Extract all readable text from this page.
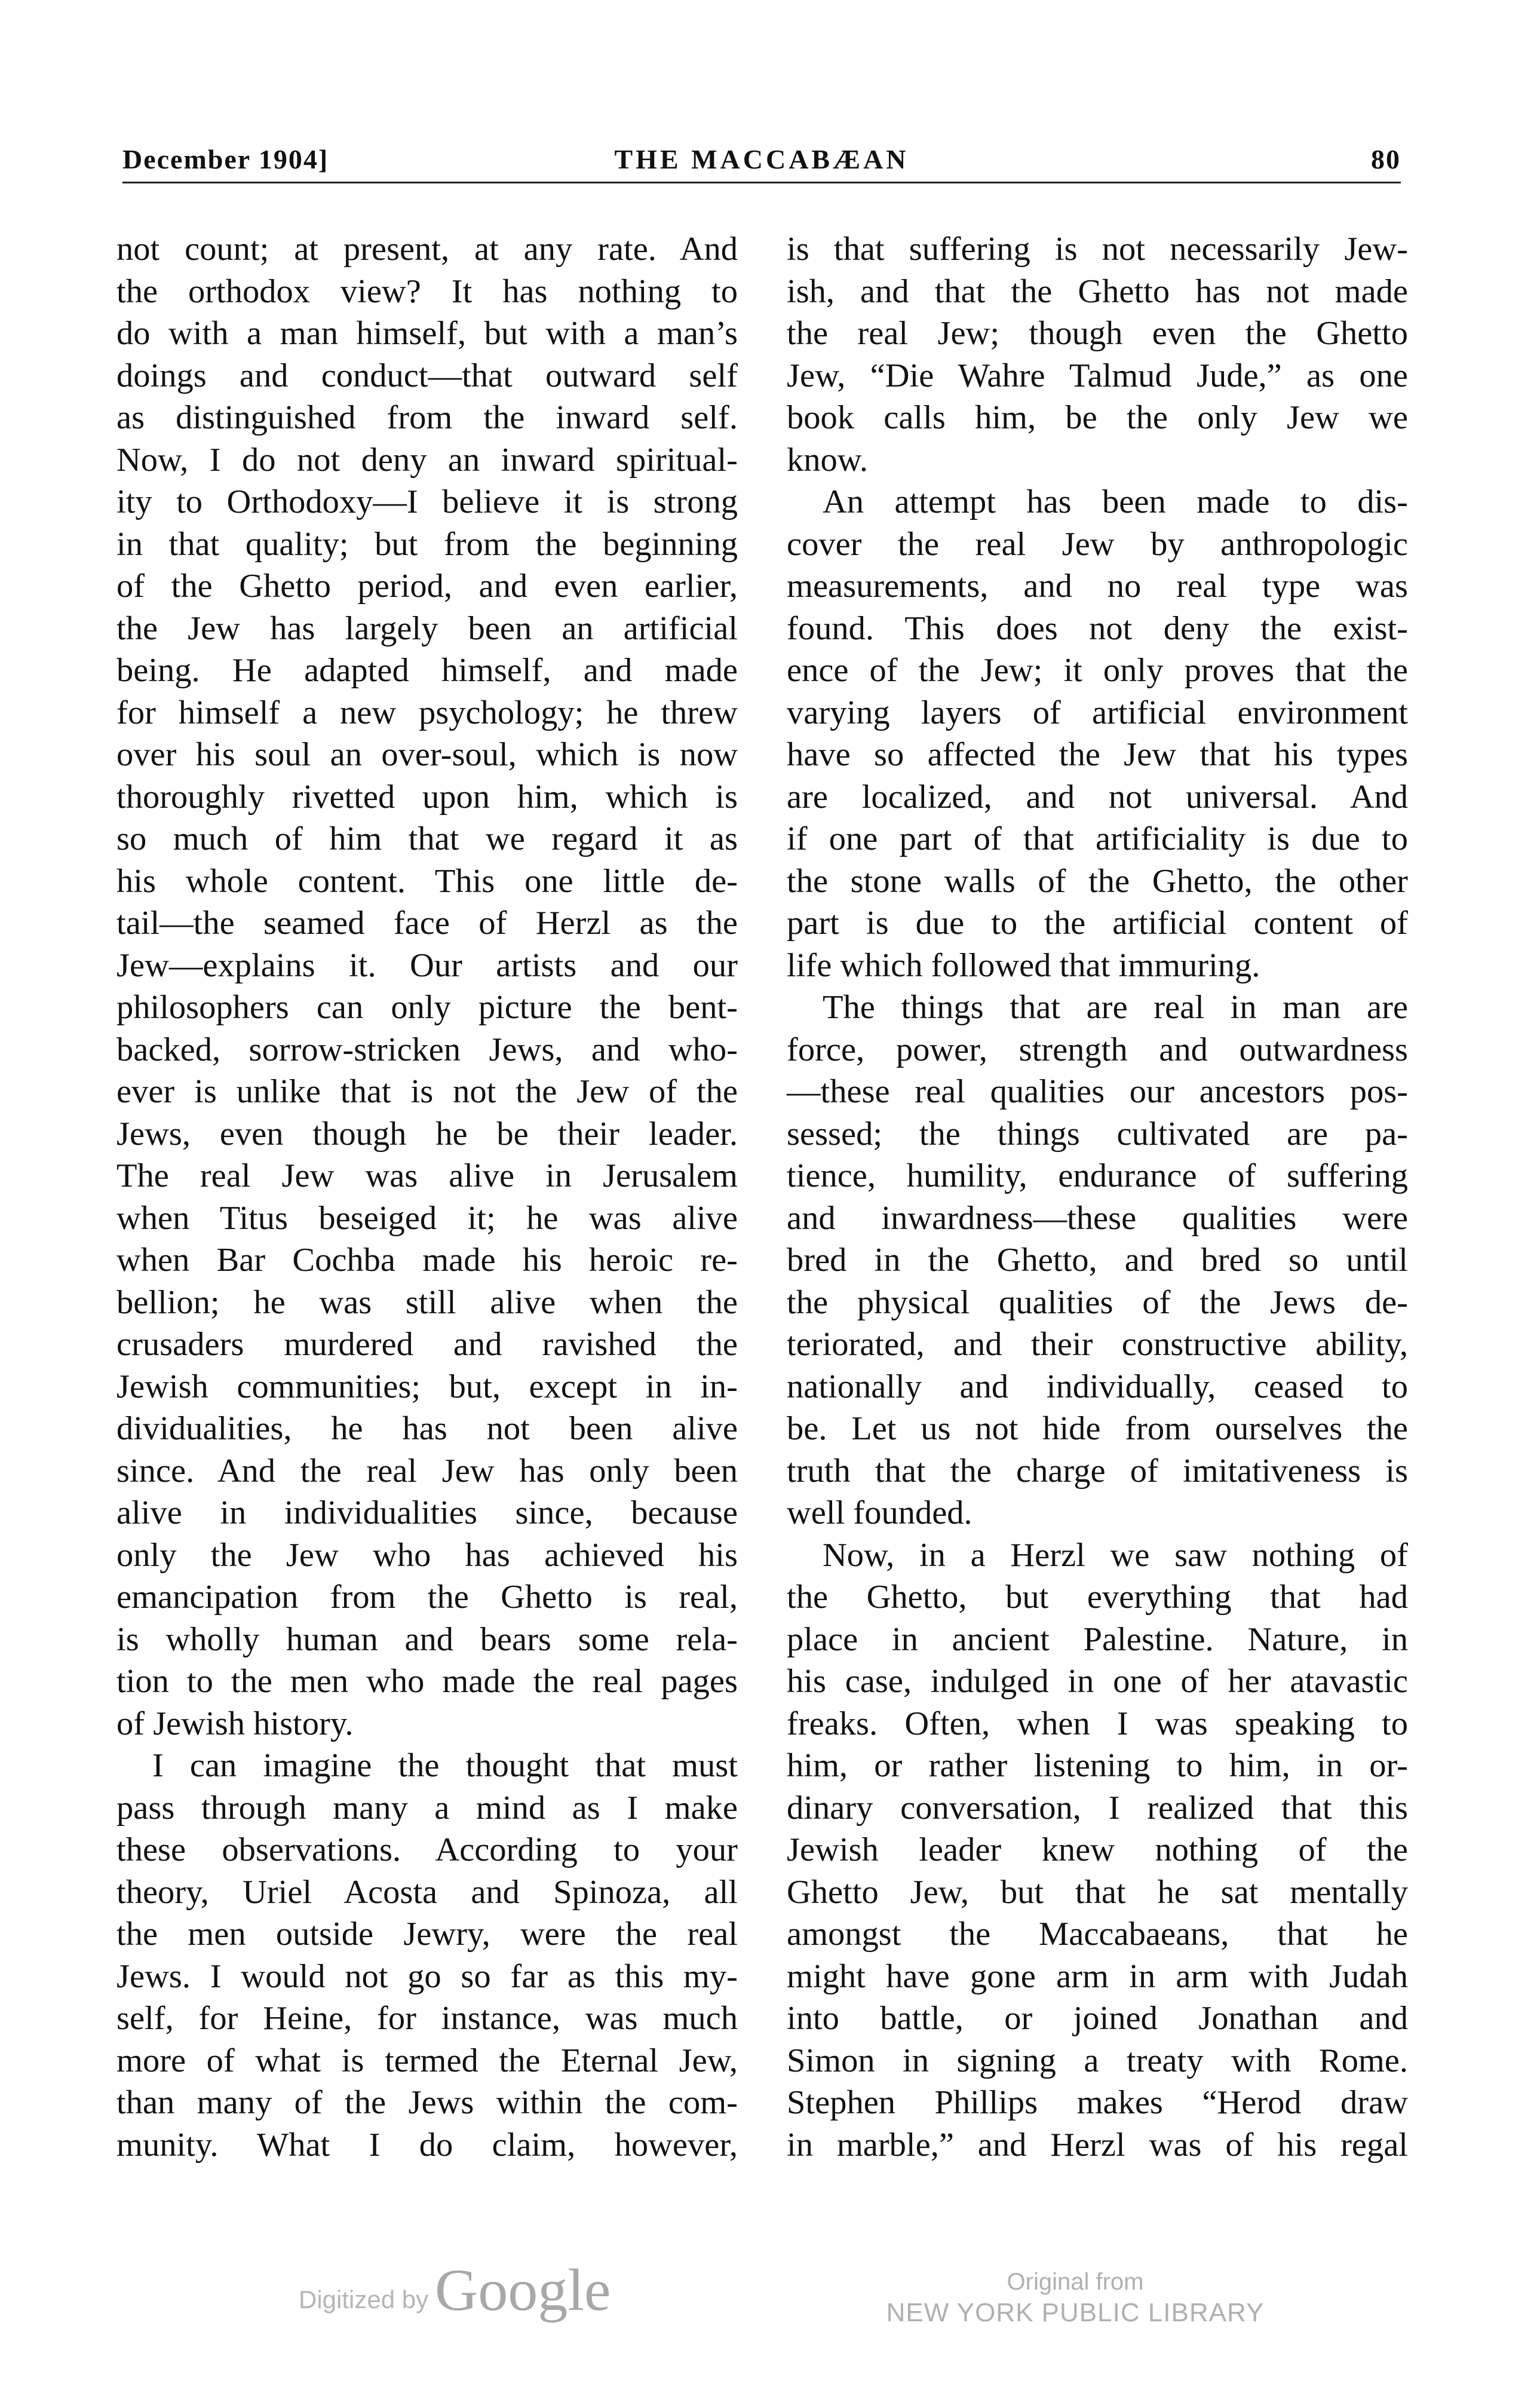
December 1904]	THE MACCABÆAN	80
not count; at present, at any rate. And
the orthodox view? It has nothing to
do with a man himself, but with a man’s
doings and conduct—that outward self
as distinguished from the inward self.
Now, I do not deny an inward spiritual-
ity to Orthodoxy—I believe it is strong
in that quality; but from the beginning
of the Ghetto period, and even earlier,
the Jew has largely been an artificial
being. He adapted himself, and made
for himself a new psychology; he threw
over his soul an over-soul, which is now
thoroughly rivetted upon him, which is
so much of him that we regard it as
his whole content. This one little de-
tail—the seamed face of Herzl as the
Jew—explains it. Our artists and our
philosophers can only picture the bent-
backed, sorrow-stricken Jews, and who-
ever is unlike that is not the Jew of the
Jews, even though he be their leader.
The real Jew was alive in Jerusalem
when Titus beseiged it; he was alive
when Bar Cochba made his heroic re-
bellion; he was still alive when the
crusaders murdered and ravished the
Jewish communities; but, except in in-
dividualities, he has not been alive
since. And the real Jew has only been
alive in individualities since, because
only the Jew who has achieved his
emancipation from the Ghetto is real,
is wholly human and bears some rela-
tion to the men who made the real pages
of Jewish history.
I can imagine the thought that must
pass through many a mind as I make
these observations. According to your
theory, Uriel Acosta and Spinoza, all
the men outside Jewry, were the real
Jews. I would not go so far as this my-
self, for Heine, for instance, was much
more of what is termed the Eternal Jew,
than many of the Jews within the com-
munity. What I do claim, however,
is that suffering is not necessarily Jew-
ish, and that the Ghetto has not made
the real Jew; though even the Ghetto
Jew, “Die Wahre Talmud Jude,” as one
book calls him, be the only Jew we
know.
An attempt has been made to dis-
cover the real Jew by anthropologic
measurements, and no real type was
found. This does not deny the exist-
ence of the Jew; it only proves that the
varying layers of artificial environment
have so affected the Jew that his types
are localized, and not universal. And
if one part of that artificiality is due to
the stone walls of the Ghetto, the other
part is due to the artificial content of
life which followed that immuring.
The things that are real in man are
force, power, strength and outwardness
—these real qualities our ancestors pos-
sessed; the things cultivated are pa-
tience, humility, endurance of suffering
and inwardness—these qualities were
bred in the Ghetto, and bred so until
the physical qualities of the Jews de-
teriorated, and their constructive ability,
nationally and individually, ceased to
be. Let us not hide from ourselves the
truth that the charge of imitativeness is
well founded.
Now, in a Herzl we saw nothing of
the Ghetto, but everything that had
place in ancient Palestine. Nature, in
his case, indulged in one of her atavastic
freaks. Often, when I was speaking to
him, or rather listening to him, in or-
dinary conversation, I realized that this
Jewish leader knew nothing of the
Ghetto Jew, but that he sat mentally
amongst the Maccabaeans, that he
might have gone arm in arm with Judah
into battle, or joined Jonathan and
Simon in signing a treaty with Rome.
Stephen Phillips makes “Herod draw
in marble,” and Herzl was of his regal
Digitized by Google	Original from
NEW YORK PUBLIC LIBRARY
